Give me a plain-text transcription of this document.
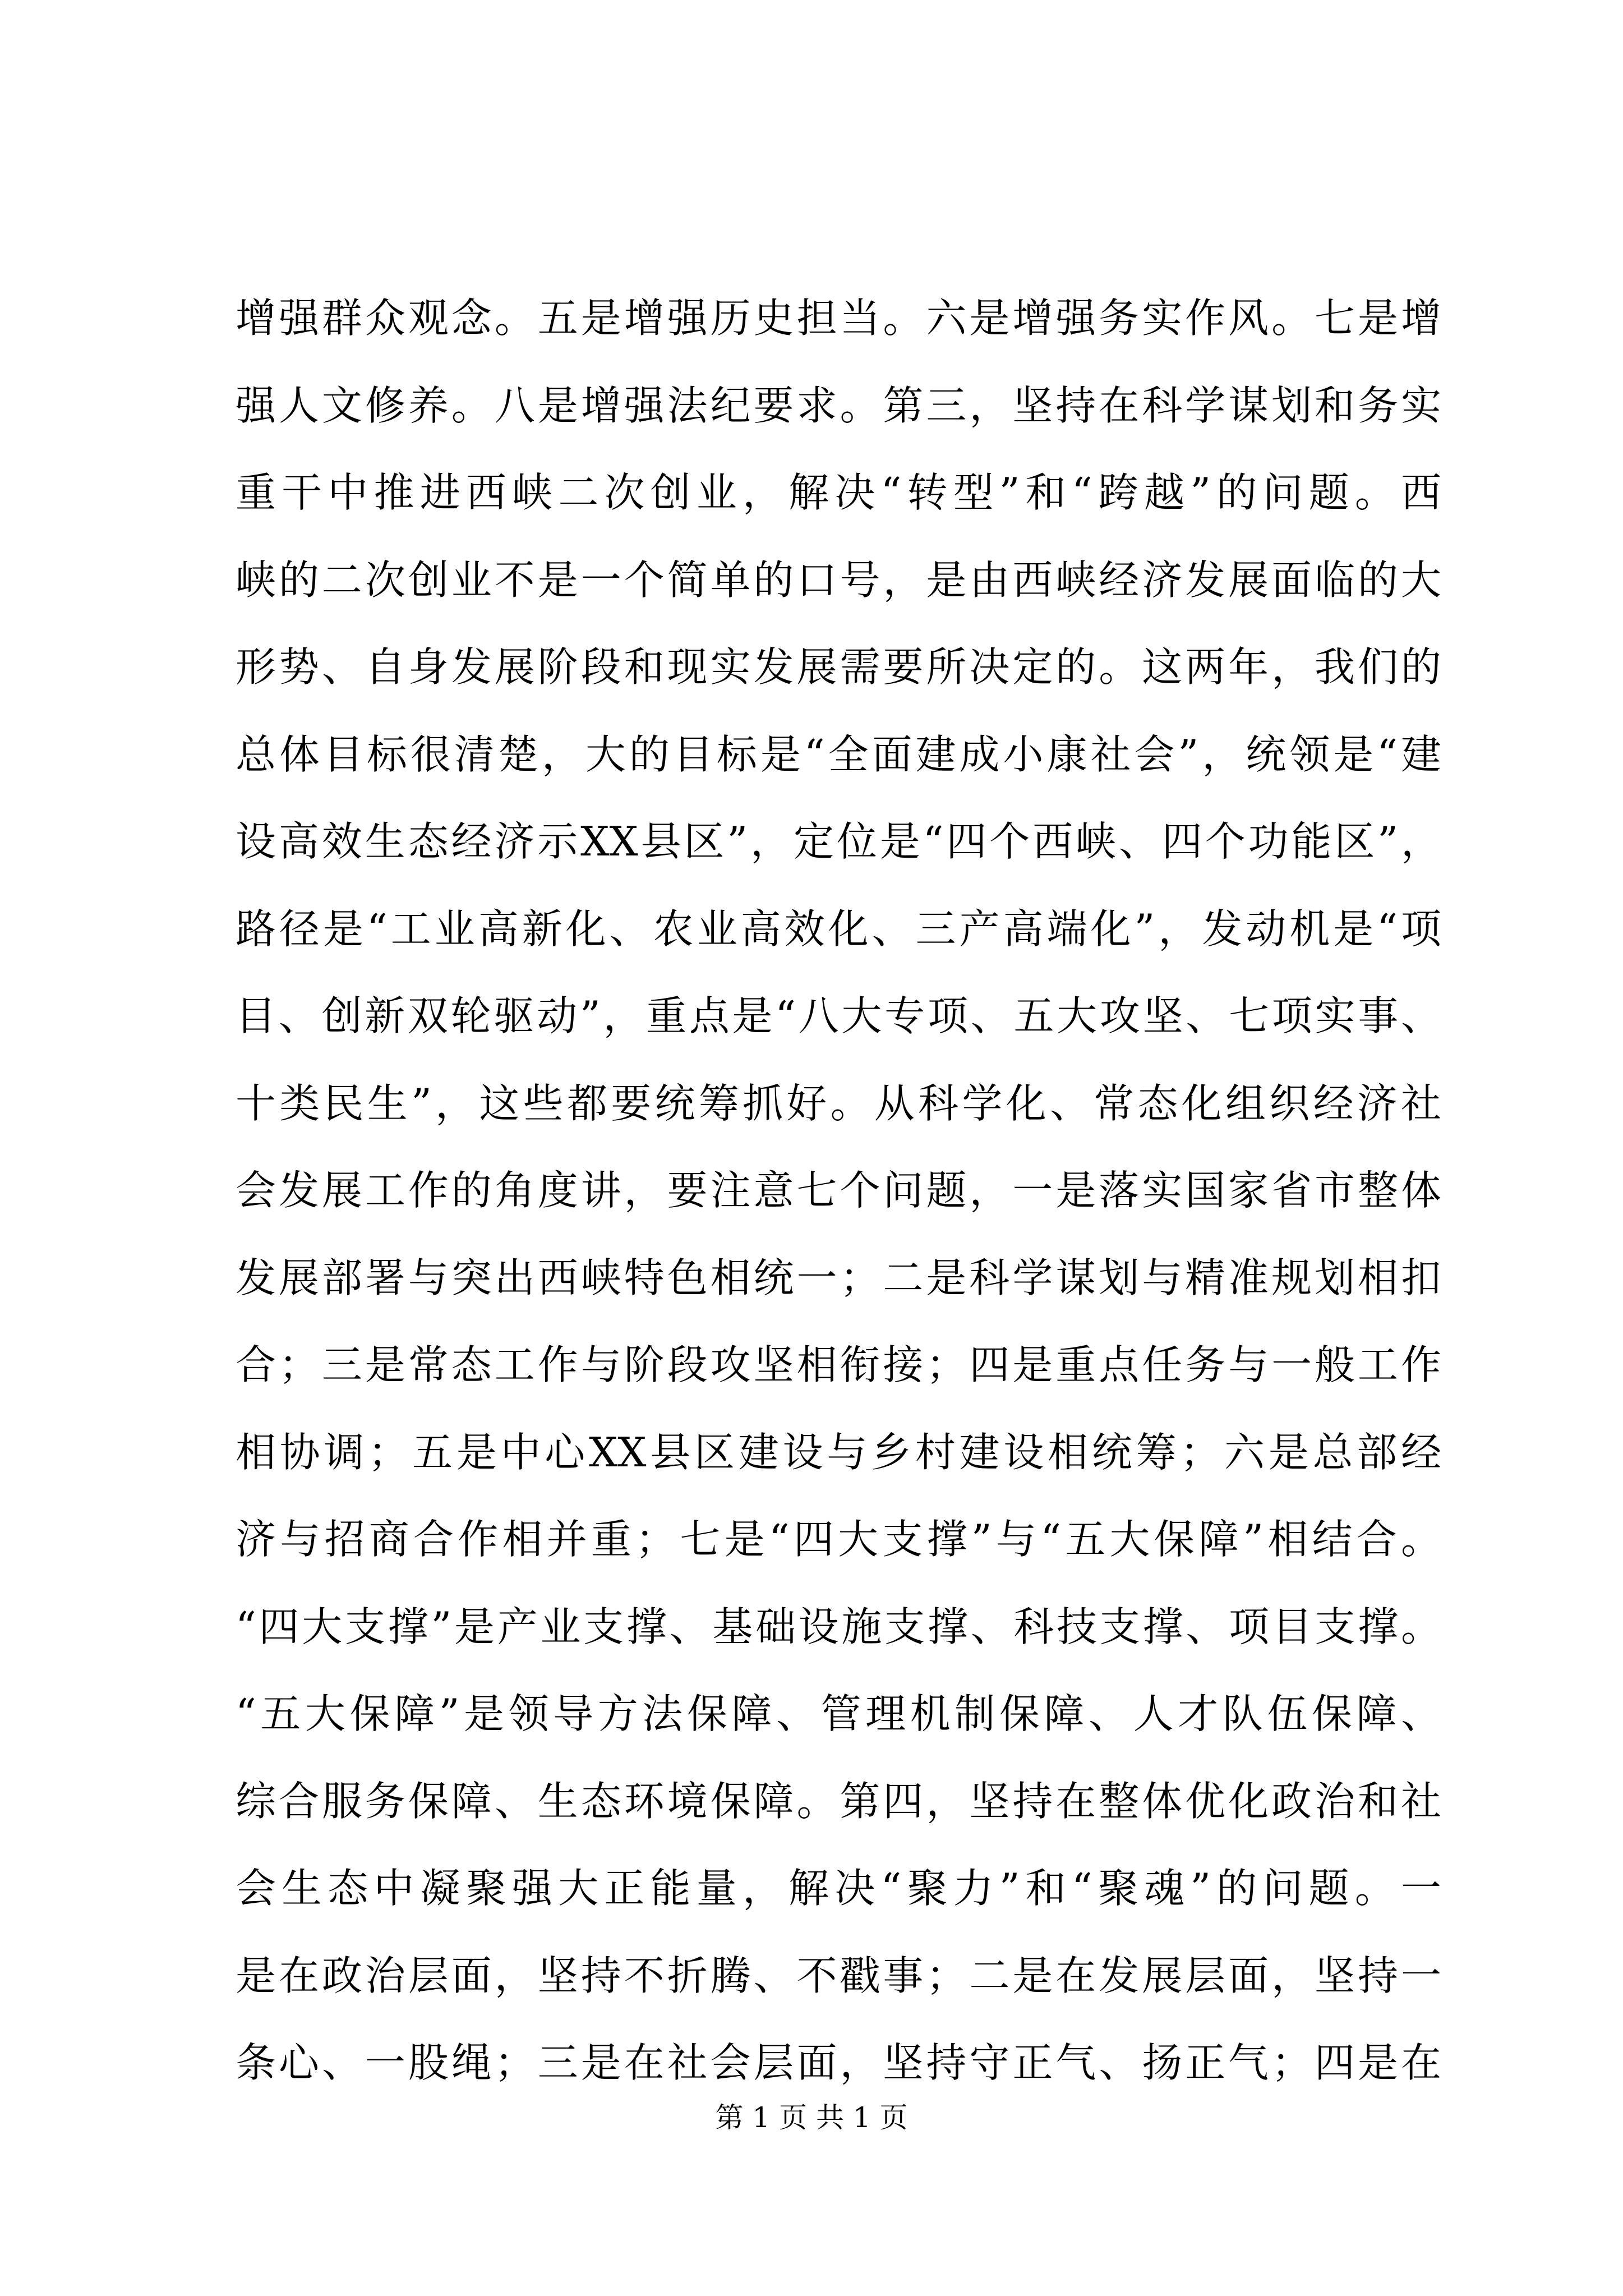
增强群众观念。五是增强历史担当。六是增强务实作风。七是增
强人文修养。八是增强法纪要求。第三，坚持在科学谋划和务实
重干中推进西峡二次创业，解决“转型”和“跨越”的问题。西
峡的二次创业不是一个简单的口号，是由西峡经济发展面临的大
形势、自身发展阶段和现实发展需要所决定的。这两年，我们的
总体目标很清楚，大的目标是“全面建成小康社会”，统领是“建
设高效生态经济示XX县区”，定位是“四个西峡、四个功能区”，
路径是“工业高新化、农业高效化、三产高端化”，发动机是“项
目、创新双轮驱动”，重点是“八大专项、五大攻坚、七项实事、
十类民生”，这些都要统筹抓好。从科学化、常态化组织经济社
会发展工作的角度讲，要注意七个问题，一是落实国家省市整体
发展部署与突出西峡特色相统一；二是科学谋划与精准规划相扣
合；三是常态工作与阶段攻坚相衔接；四是重点任务与一般工作
相协调；五是中心XX县区建设与乡村建设相统筹；六是总部经
济与招商合作相并重；七是“四大支撑”与“五大保障”相结合。
“四大支撑”是产业支撑、基础设施支撑、科技支撑、项目支撑。
“五大保障”是领导方法保障、管理机制保障、人才队伍保障、
综合服务保障、生态环境保障。第四，坚持在整体优化政治和社
会生态中凝聚强大正能量，解决“聚力”和“聚魂”的问题。一
是在政治层面，坚持不折腾、不戳事；二是在发展层面，坚持一
条心、一股绳；三是在社会层面，坚持守正气、扬正气；四是在
第 1 页 共 1 页
